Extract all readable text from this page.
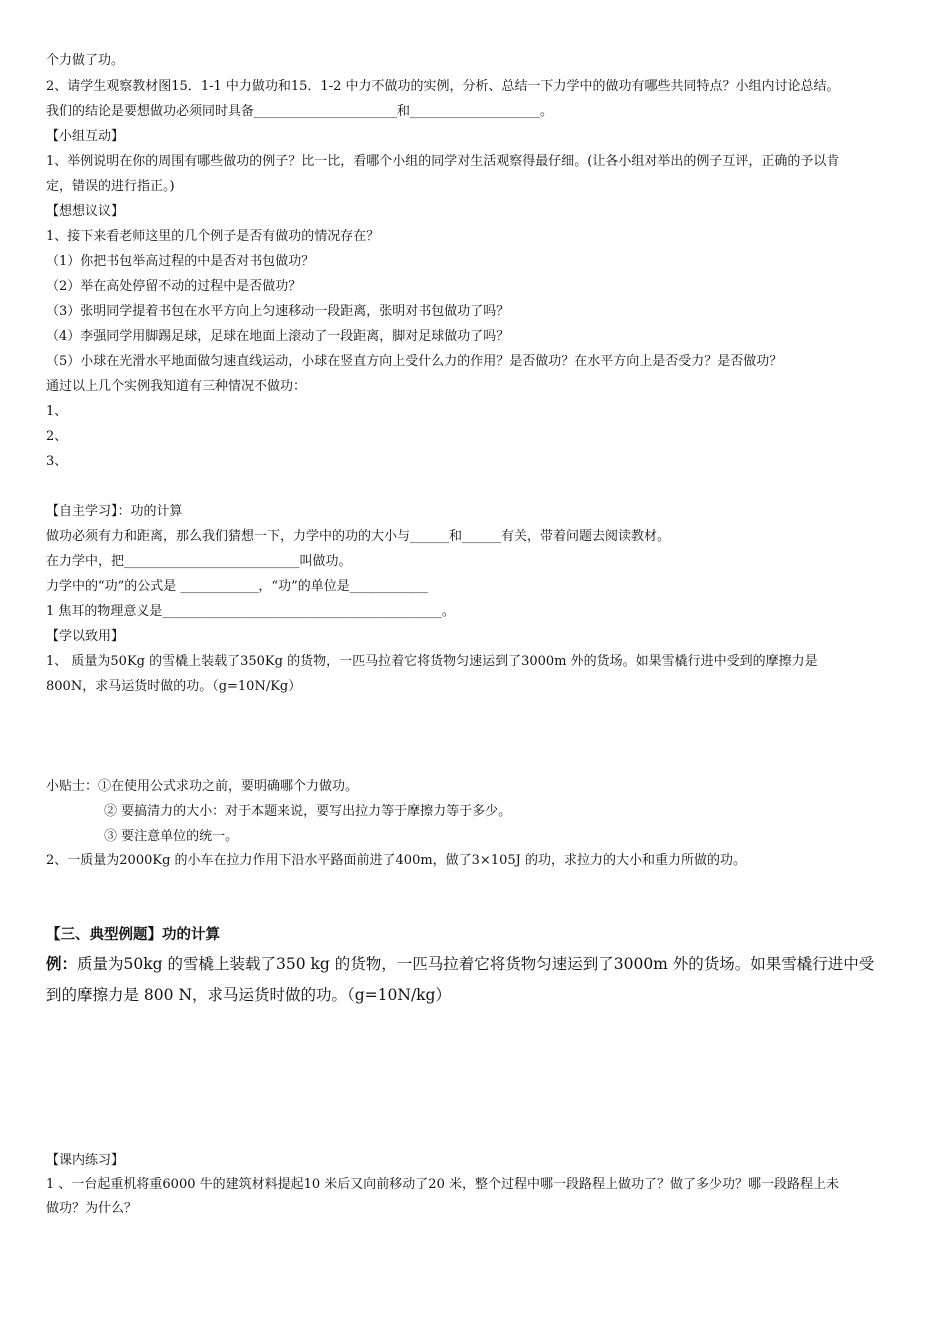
个力做了功。
2、请学生观察教材图15．1-1 中力做功和15．1-2 中力不做功的实例，分析、总结一下力学中的做功有哪些共同特点？小组内讨论总结。
我们的结论是要想做功必须同时具备______________________和____________________。
【小组互动】
1、举例说明在你的周围有哪些做功的例子？比一比，看哪个小组的同学对生活观察得最仔细。(让各小组对举出的例子互评，正确的予以肯
定，错误的进行指正。)
【想想议议】
1、接下来看老师这里的几个例子是否有做功的情况存在？
（1）你把书包举高过程的中是否对书包做功？
（2）举在高处停留不动的过程中是否做功？
（3）张明同学提着书包在水平方向上匀速移动一段距离，张明对书包做功了吗？
（4）李强同学用脚踢足球，足球在地面上滚动了一段距离，脚对足球做功了吗？
（5）小球在光滑水平地面做匀速直线运动，小球在竖直方向上受什么力的作用？是否做功？在水平方向上是否受力？是否做功？
通过以上几个实例我知道有三种情况不做功：
1、
2、
3、
【自主学习】：功的计算
做功必须有力和距离，那么我们猜想一下，力学中的功的大小与______和______有关，带着问题去阅读教材。
在力学中，把___________________________叫做功。
力学中的“功”的公式是 ____________，“功”的单位是____________
1 焦耳的物理意义是___________________________________________。
【学以致用】
1、 质量为50Kg 的雪橇上装载了350Kg 的货物，一匹马拉着它将货物匀速运到了3000m 外的货场。如果雪橇行进中受到的摩擦力是
800N，求马运货时做的功。（g=10N/Kg）
小贴士：①在使用公式求功之前，要明确哪个力做功。
② 要搞清力的大小：对于本题来说，要写出拉力等于摩擦力等于多少。
③ 要注意单位的统一。
2、一质量为2000Kg 的小车在拉力作用下沿水平路面前进了400m，做了3×105J 的功，求拉力的大小和重力所做的功。
【三、典型例题】功的计算
例：质量为50kg 的雪橇上装载了350 kg 的货物，一匹马拉着它将货物匀速运到了3000m 外的货场。如果雪橇行进中受
到的摩擦力是 800 N，求马运货时做的功。（g=10N/kg）
【课内练习】
1 、一台起重机将重6000 牛的建筑材料提起10 米后又向前移动了20 米，整个过程中哪一段路程上做功了？做了多少功？哪一段路程上未
做功？为什么？
